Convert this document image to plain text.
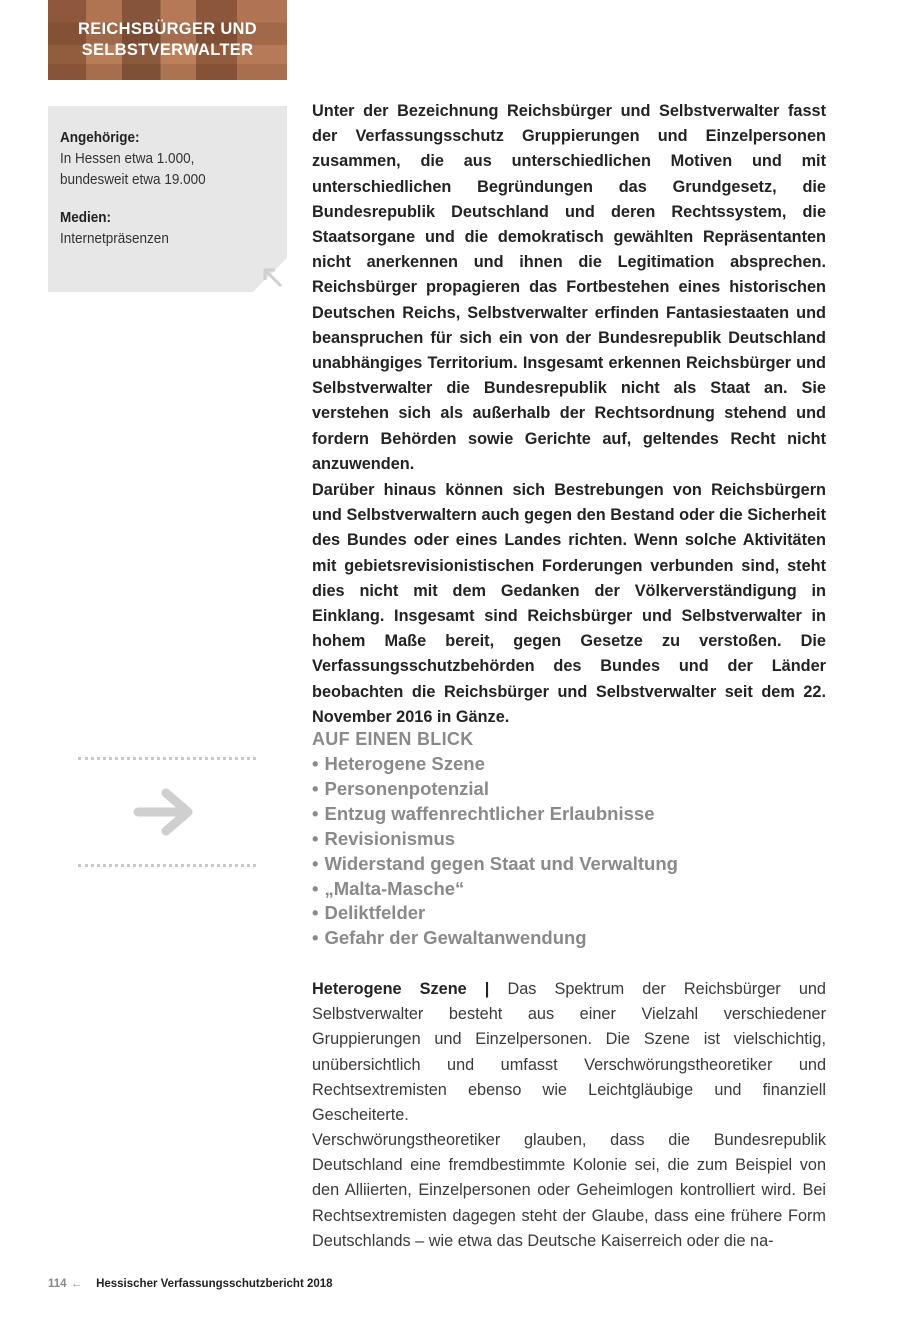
REICHSBÜRGER UND SELBSTVERWALTER
Angehörige:
In Hessen etwa 1.000,
bundesweit etwa 19.000
Medien:
Internetpräsenzen

Unter der Bezeichnung Reichsbürger und Selbstverwalter fasst der Verfassungsschutz Gruppierungen und Einzelpersonen zusammen, die aus unterschiedlichen Motiven und mit unterschiedlichen Begründungen das Grundgesetz, die Bundesrepublik Deutschland und deren Rechtssystem, die Staatsorgane und die demokratisch gewählten Repräsentanten nicht anerkennen und ihnen die Legitimation absprechen. Reichsbürger propagieren das Fortbestehen eines historischen Deutschen Reichs, Selbstverwalter erfinden Fantasiestaaten und beanspruchen für sich ein von der Bundesrepublik Deutschland unabhängiges Territorium. Insgesamt erkennen Reichsbürger und Selbstverwalter die Bundesrepublik nicht als Staat an. Sie verstehen sich als außerhalb der Rechtsordnung stehend und fordern Behörden sowie Gerichte auf, geltendes Recht nicht anzuwenden.

Darüber hinaus können sich Bestrebungen von Reichsbürgern und Selbstverwaltern auch gegen den Bestand oder die Sicherheit des Bundes oder eines Landes richten. Wenn solche Aktivitäten mit gebietsrevisionistischen Forderungen verbunden sind, steht dies nicht mit dem Gedanken der Völkerverständigung in Einklang. Insgesamt sind Reichsbürger und Selbstverwalter in hohem Maße bereit, gegen Gesetze zu verstoßen. Die Verfassungsschutzbehörden des Bundes und der Länder beobachten die Reichsbürger und Selbstverwalter seit dem 22. November 2016 in Gänze.

AUF EINEN BLICK
• Heterogene Szene
• Personenpotenzial
• Entzug waffenrechtlicher Erlaubnisse
• Revisionismus
• Widerstand gegen Staat und Verwaltung
• „Malta-Masche“
• Deliktfelder
• Gefahr der Gewaltanwendung

Heterogene Szene | Das Spektrum der Reichsbürger und Selbstverwalter besteht aus einer Vielzahl verschiedener Gruppierungen und Einzelpersonen. Die Szene ist vielschichtig, unübersichtlich und umfasst Verschwörungstheoretiker und Rechtsextremisten ebenso wie Leichtgläubige und finanziell Gescheiterte.

Verschwörungstheoretiker glauben, dass die Bundesrepublik Deutschland eine fremdbestimmte Kolonie sei, die zum Beispiel von den Alliierten, Einzelpersonen oder Geheimlogen kontrolliert wird. Bei Rechtsextremisten dagegen steht der Glaube, dass eine frühere Form Deutschlands – wie etwa das Deutsche Kaiserreich oder die na-

114 ← Hessischer Verfassungsschutzbericht 2018
